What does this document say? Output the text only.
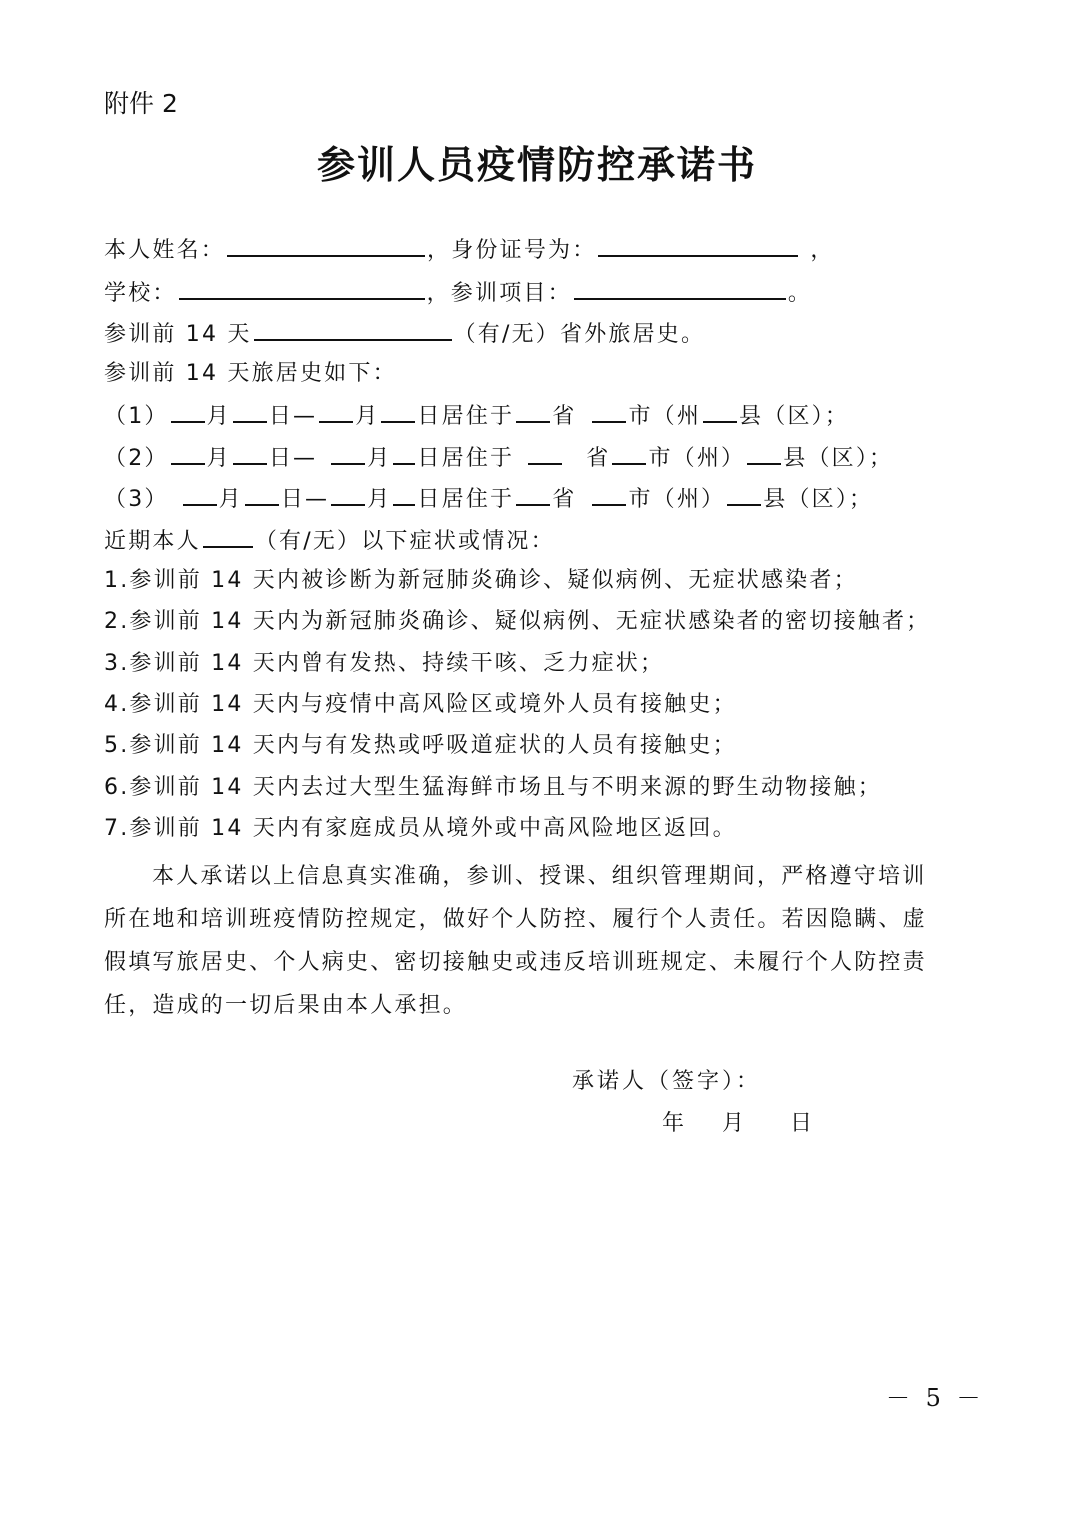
附件 2
参训人员疫情防控承诺书
本人姓名：	，身份证号为：	，
学校：	，参训项目：	。
参训前 14 天	（有/无）省外旅居史。
参训前 14 天旅居史如下：
（1） 月 日— 月 日居住于 省 市（州 县（区）；
（2） 月 日— 月 日居住于	省 市（州） 县（区）；
（3） 月 日— 月 日居住于 省 市（州） 县（区）；
近期本人 （有/无）以下症状或情况：
1.参训前 14 天内被诊断为新冠肺炎确诊、疑似病例、无症状感染者；
2.参训前 14 天内为新冠肺炎确诊、疑似病例、无症状感染者的密切接触者；
3.参训前 14 天内曾有发热、持续干咳、乏力症状；
4.参训前 14 天内与疫情中高风险区或境外人员有接触史；
5.参训前 14 天内与有发热或呼吸道症状的人员有接触史；
6.参训前 14 天内去过大型生猛海鲜市场且与不明来源的野生动物接触；
7.参训前 14 天内有家庭成员从境外或中高风险地区返回。
本人承诺以上信息真实准确，参训、授课、组织管理期间，严格遵守培训所在地和培训班疫情防控规定，做好个人防控、履行个人责任。若因隐瞒、虚假填写旅居史、个人病史、密切接触史或违反培训班规定、未履行个人防控责任，造成的一切后果由本人承担。
承诺人（签字）：
年 月 日
－ 5 －
